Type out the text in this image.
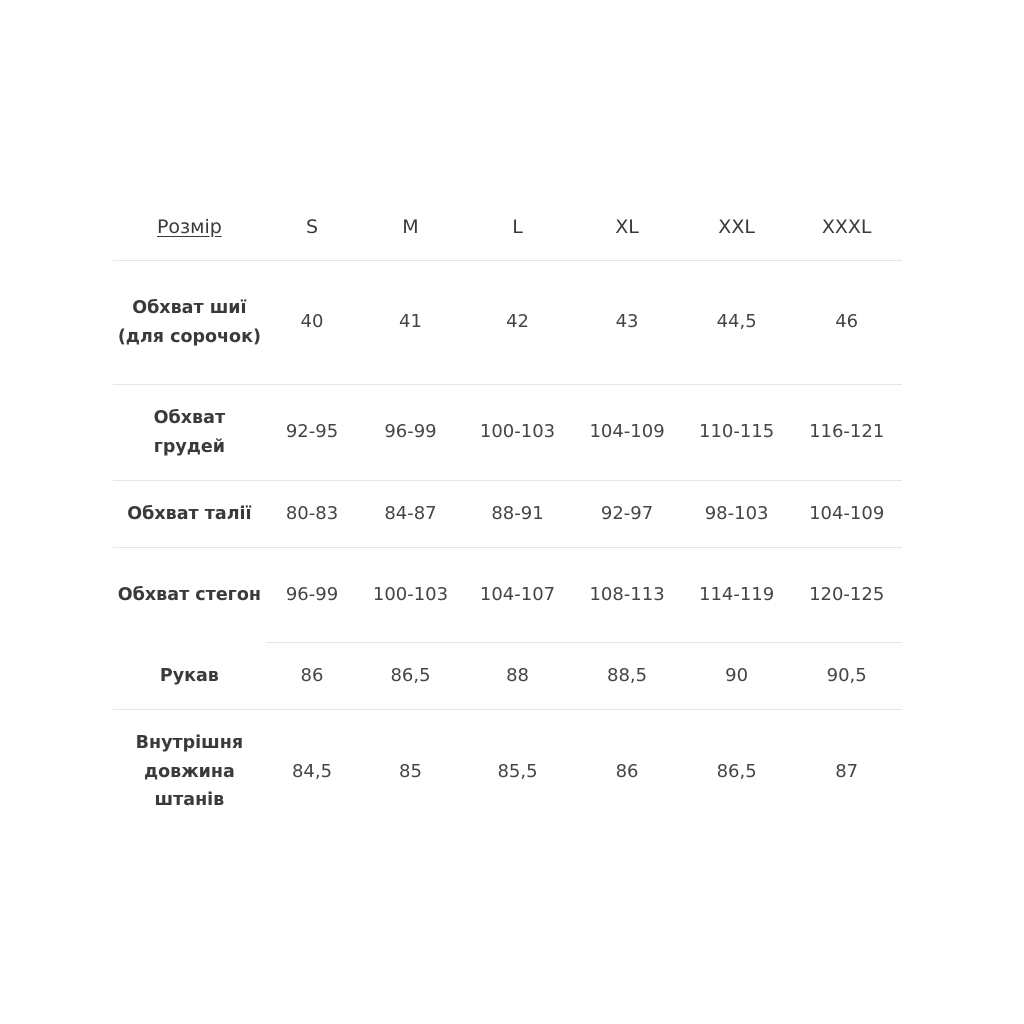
Розмір	S	M	L	XL	XXL	XXXL
Обхват шиї (для сорочок)	40	41	42	43	44,5	46
Обхват грудей	92-95	96-99	100-103	104-109	110-115	116-121
Обхват талії	80-83	84-87	88-91	92-97	98-103	104-109
Обхват стегон	96-99	100-103	104-107	108-113	114-119	120-125
Рукав	86	86,5	88	88,5	90	90,5
Внутрішня довжина штанів	84,5	85	85,5	86	86,5	87
